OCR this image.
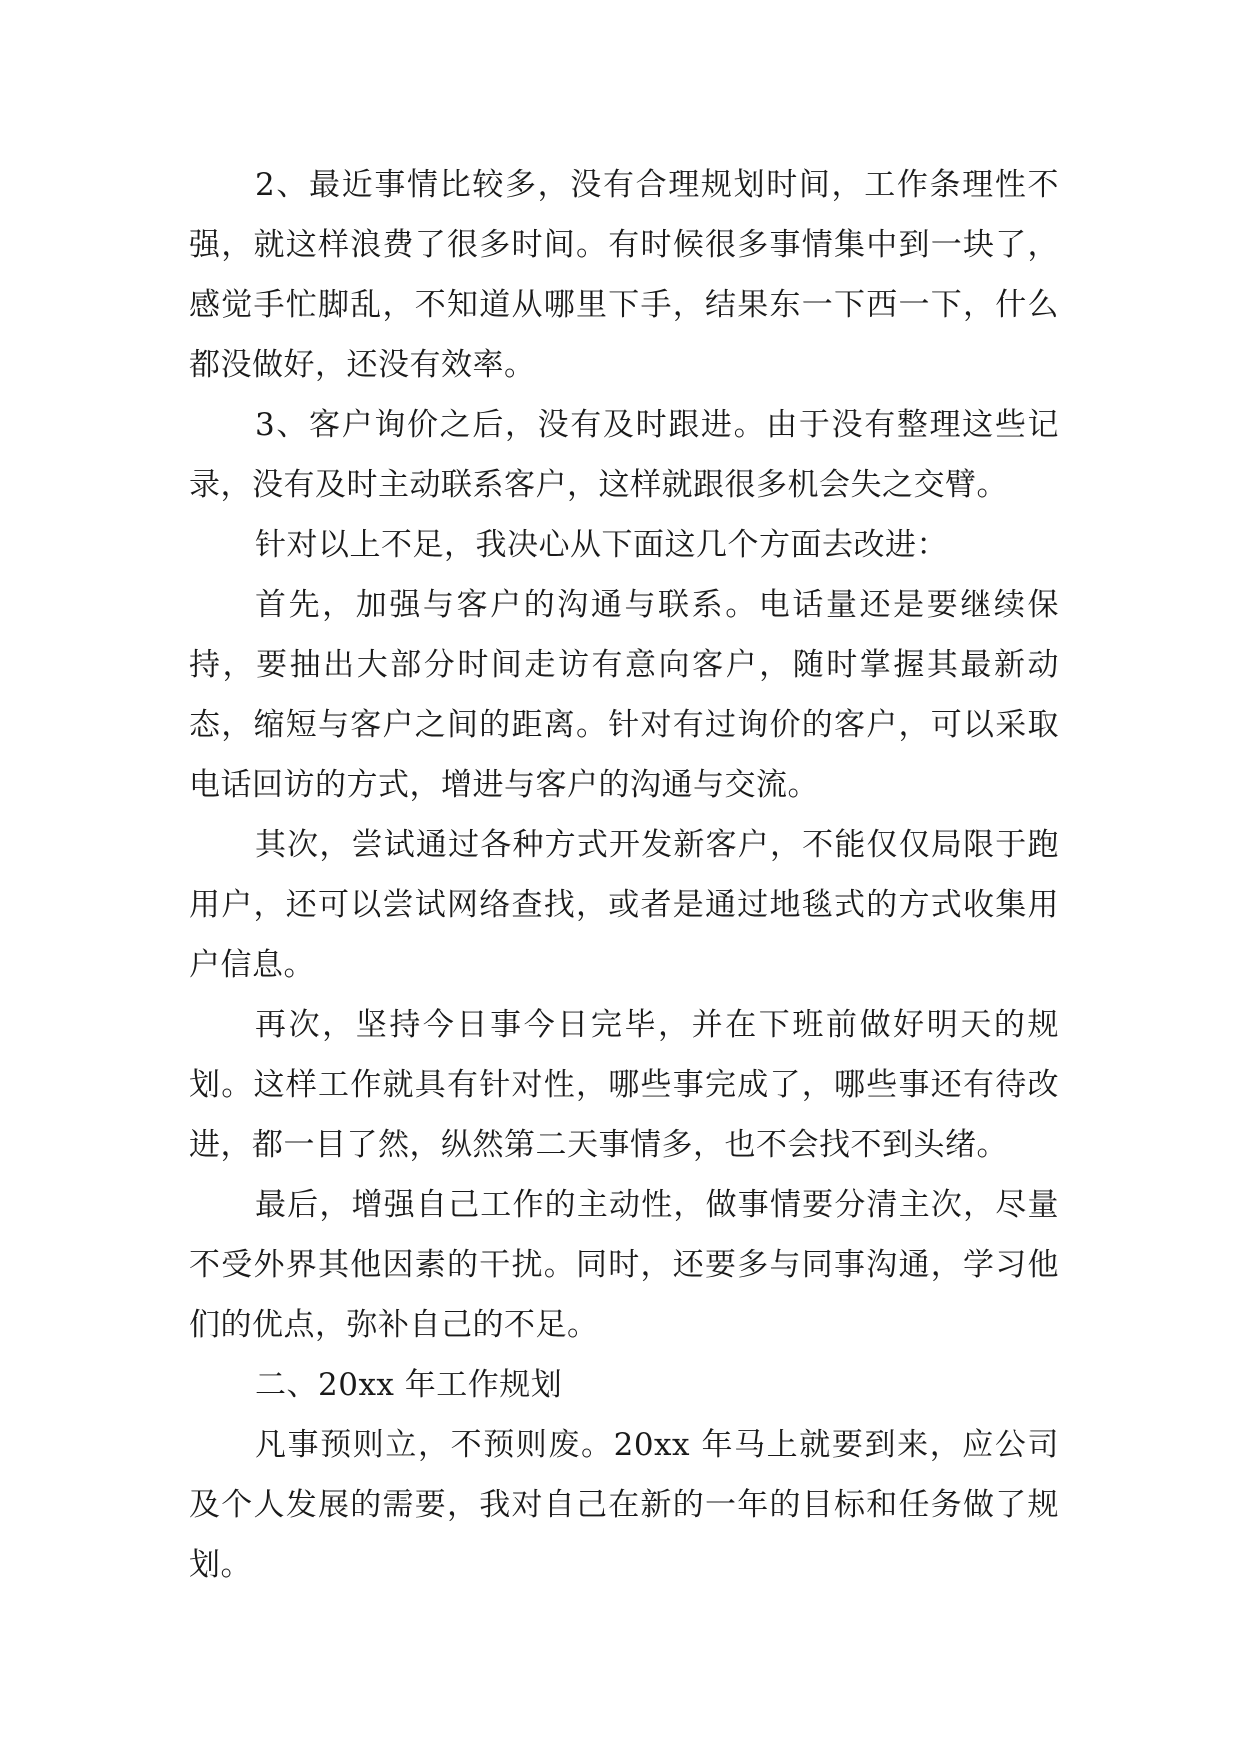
2、最近事情比较多，没有合理规划时间，工作条理性不强，就这样浪费了很多时间。有时候很多事情集中到一块了，感觉手忙脚乱，不知道从哪里下手，结果东一下西一下，什么都没做好，还没有效率。

3、客户询价之后，没有及时跟进。由于没有整理这些记录，没有及时主动联系客户，这样就跟很多机会失之交臂。

针对以上不足，我决心从下面这几个方面去改进：

首先，加强与客户的沟通与联系。电话量还是要继续保持，要抽出大部分时间走访有意向客户，随时掌握其最新动态，缩短与客户之间的距离。针对有过询价的客户，可以采取电话回访的方式，增进与客户的沟通与交流。

其次，尝试通过各种方式开发新客户，不能仅仅局限于跑用户，还可以尝试网络查找，或者是通过地毯式的方式收集用户信息。

再次，坚持今日事今日完毕，并在下班前做好明天的规划。这样工作就具有针对性，哪些事完成了，哪些事还有待改进，都一目了然，纵然第二天事情多，也不会找不到头绪。

最后，增强自己工作的主动性，做事情要分清主次，尽量不受外界其他因素的干扰。同时，还要多与同事沟通，学习他们的优点，弥补自己的不足。

二、20xx 年工作规划

凡事预则立，不预则废。20xx 年马上就要到来，应公司及个人发展的需要，我对自己在新的一年的目标和任务做了规划。
